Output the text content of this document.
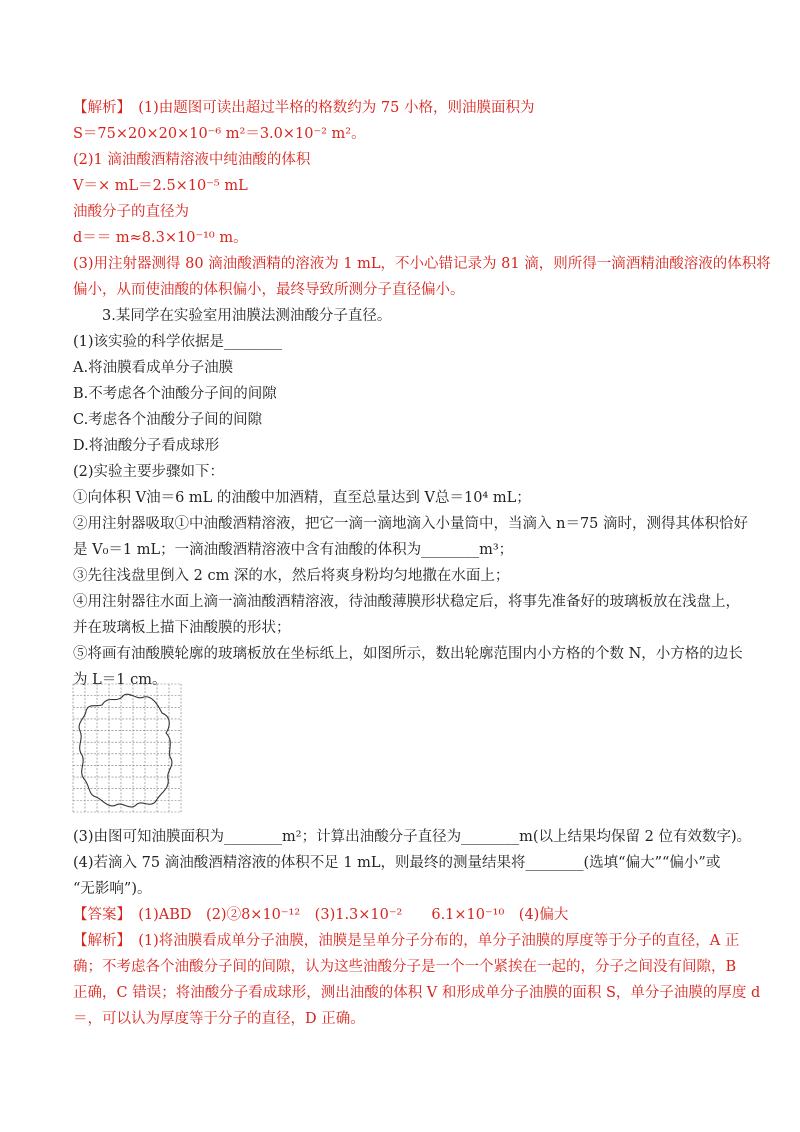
【解析】　(1)由题图可读出超过半格的格数约为 75 小格，则油膜面积为

S＝75×20×20×10⁻⁶ m²＝3.0×10⁻² m²。

(2)1 滴油酸酒精溶液中纯油酸的体积

V＝× mL＝2.5×10⁻⁵ mL

油酸分子的直径为

d＝＝ m≈8.3×10⁻¹⁰ m。

(3)用注射器测得 80 滴油酸酒精的溶液为 1 mL，不小心错记录为 81 滴，则所得一滴酒精油酸溶液的体积将

偏小，从而使油酸的体积偏小，最终导致所测分子直径偏小。

　　3.某同学在实验室用油膜法测油酸分子直径。

(1)该实验的科学依据是________

A.将油膜看成单分子油膜

B.不考虑各个油酸分子间的间隙

C.考虑各个油酸分子间的间隙

D.将油酸分子看成球形

(2)实验主要步骤如下：

①向体积 V油＝6 mL 的油酸中加酒精，直至总量达到 V总＝10⁴ mL；

②用注射器吸取①中油酸酒精溶液，把它一滴一滴地滴入小量筒中，当滴入 n＝75 滴时，测得其体积恰好

是 V₀＝1 mL；一滴油酸酒精溶液中含有油酸的体积为________m³；

③先往浅盘里倒入 2 cm 深的水，然后将爽身粉均匀地撒在水面上；

④用注射器往水面上滴一滴油酸酒精溶液，待油酸薄膜形状稳定后，将事先准备好的玻璃板放在浅盘上，

并在玻璃板上描下油酸膜的形状；

⑤将画有油酸膜轮廓的玻璃板放在坐标纸上，如图所示，数出轮廓范围内小方格的个数 N，小方格的边长

为 L＝1 cm。

(3)由图可知油膜面积为________m²；计算出油酸分子直径为________m(以上结果均保留 2 位有效数字)。

(4)若滴入 75 滴油酸酒精溶液的体积不足 1 mL，则最终的测量结果将________(选填“偏大”“偏小”或

“无影响”)。

【答案】　(1)ABD　(2)②8×10⁻¹²　(3)1.3×10⁻²　　6.1×10⁻¹⁰　(4)偏大

【解析】　(1)将油膜看成单分子油膜，油膜是呈单分子分布的，单分子油膜的厚度等于分子的直径，A 正

确；不考虑各个油酸分子间的间隙，认为这些油酸分子是一个一个紧挨在一起的，分子之间没有间隙，B

正确，C 错误；将油酸分子看成球形，测出油酸的体积 V 和形成单分子油膜的面积 S，单分子油膜的厚度 d

＝，可以认为厚度等于分子的直径，D 正确。
